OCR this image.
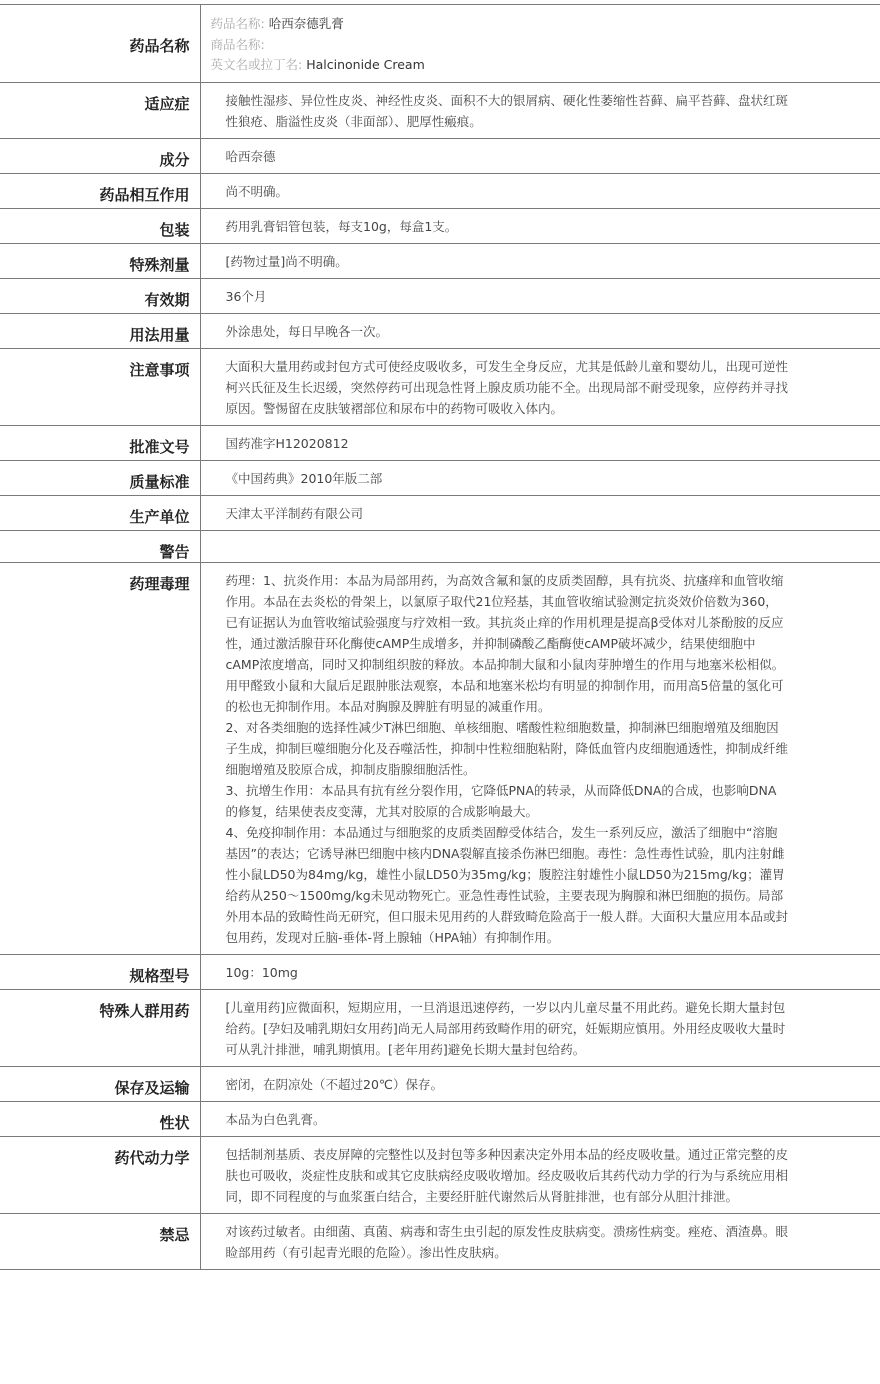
药品名称	药品名称: 哈西奈德乳膏
商品名称:
英文名或拉丁名: Halcinonide Cream

适应症	接触性湿疹、异位性皮炎、神经性皮炎、面积不大的银屑病、硬化性萎缩性苔藓、扁平苔藓、盘状红斑性狼疮、脂溢性皮炎（非面部）、肥厚性瘢痕。
成分	哈西奈德
药品相互作用	尚不明确。
包装	药用乳膏铝管包装，每支10g，每盒1支。
特殊剂量	[药物过量]尚不明确。
有效期	36个月
用法用量	外涂患处，每日早晚各一次。
注意事项	大面积大量用药或封包方式可使经皮吸收多，可发生全身反应，尤其是低龄儿童和婴幼儿，出现可逆性柯兴氏征及生长迟缓，突然停药可出现急性肾上腺皮质功能不全。出现局部不耐受现象，应停药并寻找原因。警惕留在皮肤皱褶部位和尿布中的药物可吸收入体内。
批准文号	国药准字H12020812
质量标准	《中国药典》2010年版二部
生产单位	天津太平洋制药有限公司
警告	
药理毒理	药理：1、抗炎作用：本品为局部用药，为高效含氟和氯的皮质类固醇，具有抗炎、抗瘙痒和血管收缩作用。本品在去炎松的骨架上，以氯原子取代21位羟基，其血管收缩试验测定抗炎效价倍数为360，已有证据认为血管收缩试验强度与疗效相一致。其抗炎止痒的作用机理是提高β受体对儿茶酚胺的反应性，通过激活腺苷环化酶使cAMP生成增多，并抑制磷酸乙酯酶使cAMP破坏减少，结果使细胞中cAMP浓度增高，同时又抑制组织胺的释放。本品抑制大鼠和小鼠肉芽肿增生的作用与地塞米松相似。用甲醛致小鼠和大鼠后足跟肿胀法观察，本品和地塞米松均有明显的抑制作用，而用高5倍量的氢化可的松也无抑制作用。本品对胸腺及脾脏有明显的减重作用。

2、对各类细胞的选择性减少T淋巴细胞、单核细胞、嗜酸性粒细胞数量，抑制淋巴细胞增殖及细胞因子生成，抑制巨噬细胞分化及吞噬活性，抑制中性粒细胞粘附，降低血管内皮细胞通透性，抑制成纤维细胞增殖及胶原合成，抑制皮脂腺细胞活性。

3、抗增生作用：本品具有抗有丝分裂作用，它降低PNA的转录，从而降低DNA的合成，也影响DNA的修复，结果使表皮变薄，尤其对胶原的合成影响最大。

4、免疫抑制作用：本品通过与细胞浆的皮质类固醇受体结合，发生一系列反应，激活了细胞中“溶胞基因”的表达；它诱导淋巴细胞中核内DNA裂解直接杀伤淋巴细胞。毒性：急性毒性试验，肌内注射雌性小鼠LD50为84mg/kg，雄性小鼠LD50为35mg/kg；腹腔注射雄性小鼠LD50为215mg/kg；灌胃给药从250～1500mg/kg未见动物死亡。亚急性毒性试验，主要表现为胸腺和淋巴细胞的损伤。局部外用本品的致畸性尚无研究，但口服未见用药的人群致畸危险高于一般人群。大面积大量应用本品或封包用药，发现对丘脑-垂体-肾上腺轴（HPA轴）有抑制作用。

规格型号	10g：10mg
特殊人群用药	[儿童用药]应微面积，短期应用，一旦消退迅速停药，一岁以内儿童尽量不用此药。避免长期大量封包给药。[孕妇及哺乳期妇女用药]尚无人局部用药致畸作用的研究，妊娠期应慎用。外用经皮吸收大量时可从乳汁排泄，哺乳期慎用。[老年用药]避免长期大量封包给药。
保存及运输	密闭，在阴凉处（不超过20℃）保存。
性状	本品为白色乳膏。
药代动力学	包括制剂基质、表皮屏障的完整性以及封包等多种因素决定外用本品的经皮吸收量。通过正常完整的皮肤也可吸收，炎症性皮肤和或其它皮肤病经皮吸收增加。经皮吸收后其药代动力学的行为与系统应用相同，即不同程度的与血浆蛋白结合，主要经肝脏代谢然后从肾脏排泄，也有部分从胆汁排泄。
禁忌	对该药过敏者。由细菌、真菌、病毒和寄生虫引起的原发性皮肤病变。溃疡性病变。痤疮、酒渣鼻。眼睑部用药（有引起青光眼的危险）。渗出性皮肤病。
